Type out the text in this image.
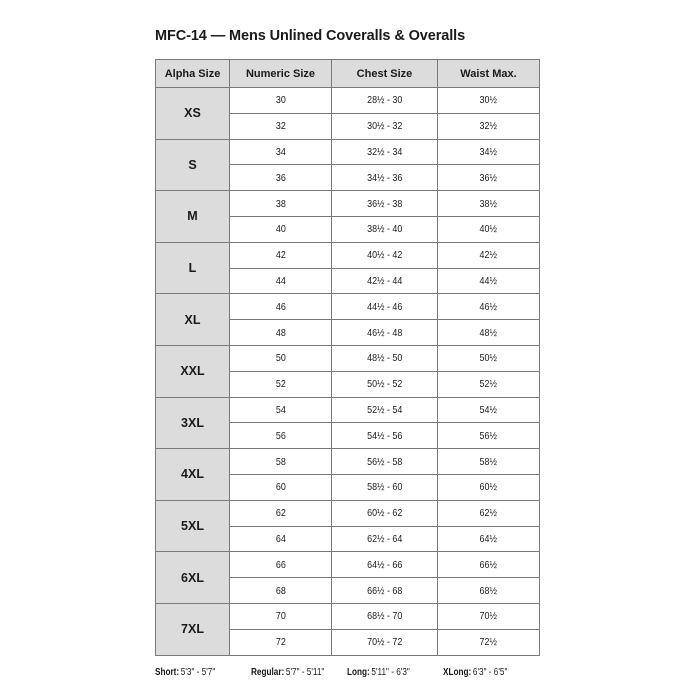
MFC-14 — Mens Unlined Coveralls & Overalls
Alpha Size	Numeric Size	Chest Size	Waist Max.
XS	30	28½ - 30	30½
	32	30½ - 32	32½
S	34	32½ - 34	34½
	36	34½ - 36	36½
M	38	36½ - 38	38½
	40	38½ - 40	40½
L	42	40½ - 42	42½
	44	42½ - 44	44½
XL	46	44½ - 46	46½
	48	46½ - 48	48½
XXL	50	48½ - 50	50½
	52	50½ - 52	52½
3XL	54	52½ - 54	54½
	56	54½ - 56	56½
4XL	58	56½ - 58	58½
	60	58½ - 60	60½
5XL	62	60½ - 62	62½
	64	62½ - 64	64½
6XL	66	64½ - 66	66½
	68	66½ - 68	68½
7XL	70	68½ - 70	70½
	72	70½ - 72	72½
Short: 5'3" - 5'7"	Regular: 5'7" - 5'11"	Long: 5'11" - 6'3"	XLong: 6'3" - 6'5"
